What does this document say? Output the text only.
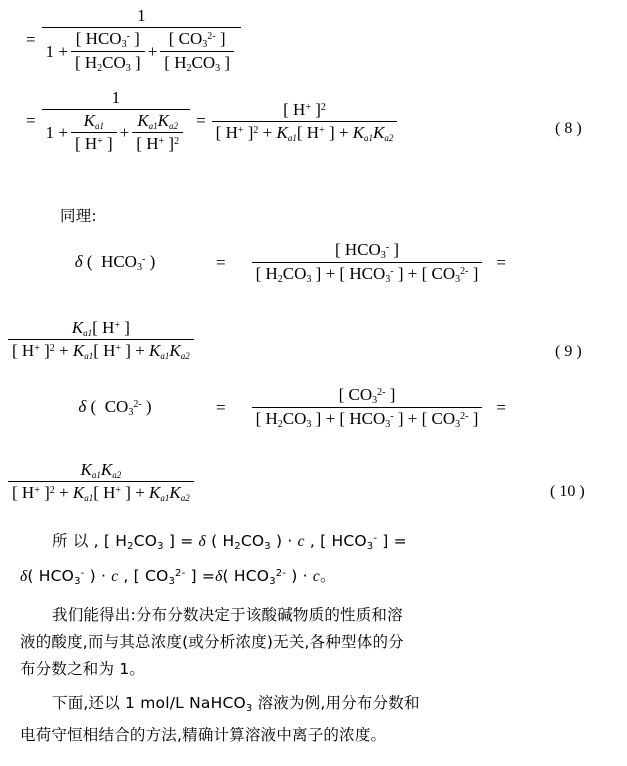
=
1
$1 + \frac{[ HCO3^- ]}{[ H2CO3 ]} + \frac{[ CO3^{2-} ]}{[ H2CO3 ]}$
=
1
$1 + \frac{K_{a1}}{[ H^+ ]} + \frac{K_{a1}K_{a2}}{[ H^+ ]^2} = \frac{[ H^+ ]^2}{[ H^+ ]^2 + K_{a1}[ H^+ ] + K_{a1}K_{a2}}$	( 8 )
同理:
δ (  HCO3- )	=	$\frac{[ HCO3^- ]}{[ H2CO3 ] + [ HCO3^- ] + [ CO3^{2-} ]}$ =
$\frac{K_{a1}[ H^+ ]}{[ H^+ ]^2 + K_{a1}[ H^+ ] + K_{a1}K_{a2}}$	( 9 )
δ (  $CO3^{2-}$ )	=	$\frac{[ CO3^{2-} ]}{[ H2CO3 ] + [ HCO3^- ] + [ CO3^{2-} ]}$ =
$\frac{K_{a1}K_{a2}}{[ H^+ ]^2 + K_{a1}[ H^+ ] + K_{a1}K_{a2}}$	( 10 )
所 以 , [ H2CO3 ] = δ ( H2CO3 ) · c , [ HCO3- ] =
δ( HCO3- ) · c , [ $CO3^{2-}$ ] =δ( $HCO3^{2-}$ ) · c。
我们能得出:分布分数决定于该酸碱物质的性质和溶
液的酸度,而与其总浓度(或分析浓度)无关,各种型体的分
布分数之和为 1。
下面,还以 1 mol/L NaHCO3 溶液为例,用分布分数和
电荷守恒相结合的方法,精确计算溶液中离子的浓度。
